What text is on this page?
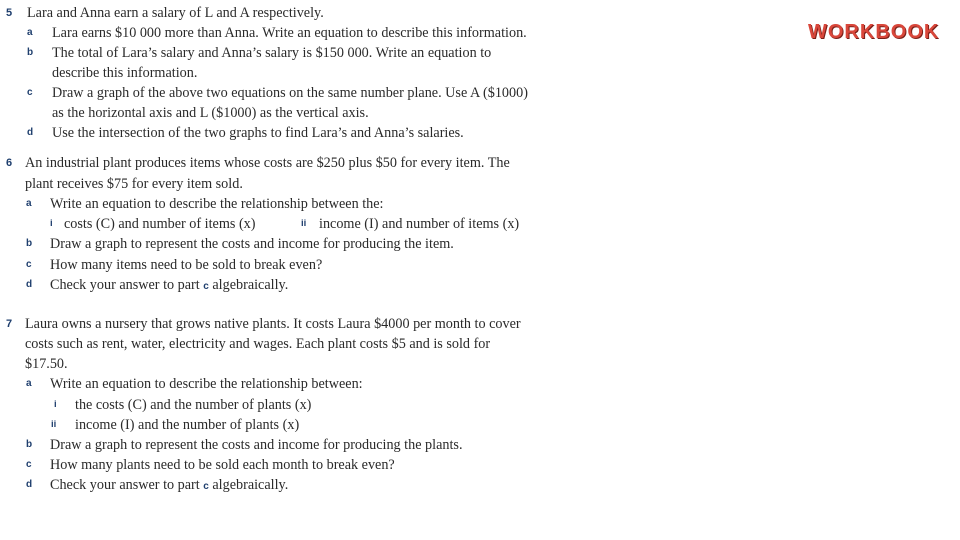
WORKBOOK
5 Lara and Anna earn a salary of L and A respectively.
a Lara earns $10 000 more than Anna. Write an equation to describe this information.
b The total of Lara’s salary and Anna’s salary is $150 000. Write an equation to
describe this information.
c Draw a graph of the above two equations on the same number plane. Use A ($1000)
as the horizontal axis and L ($1000) as the vertical axis.
d Use the intersection of the two graphs to find Lara’s and Anna’s salaries.
6 An industrial plant produces items whose costs are $250 plus $50 for every item. The
plant receives $75 for every item sold.
a Write an equation to describe the relationship between the:
i costs (C) and number of items (x)	ii income (I) and number of items (x)
b Draw a graph to represent the costs and income for producing the item.
c How many items need to be sold to break even?
d Check your answer to part c algebraically.
7 Laura owns a nursery that grows native plants. It costs Laura $4000 per month to cover
costs such as rent, water, electricity and wages. Each plant costs $5 and is sold for
$17.50.
a Write an equation to describe the relationship between:
i the costs (C) and the number of plants (x)
ii income (I) and the number of plants (x)
b Draw a graph to represent the costs and income for producing the plants.
c How many plants need to be sold each month to break even?
d Check your answer to part c algebraically.
